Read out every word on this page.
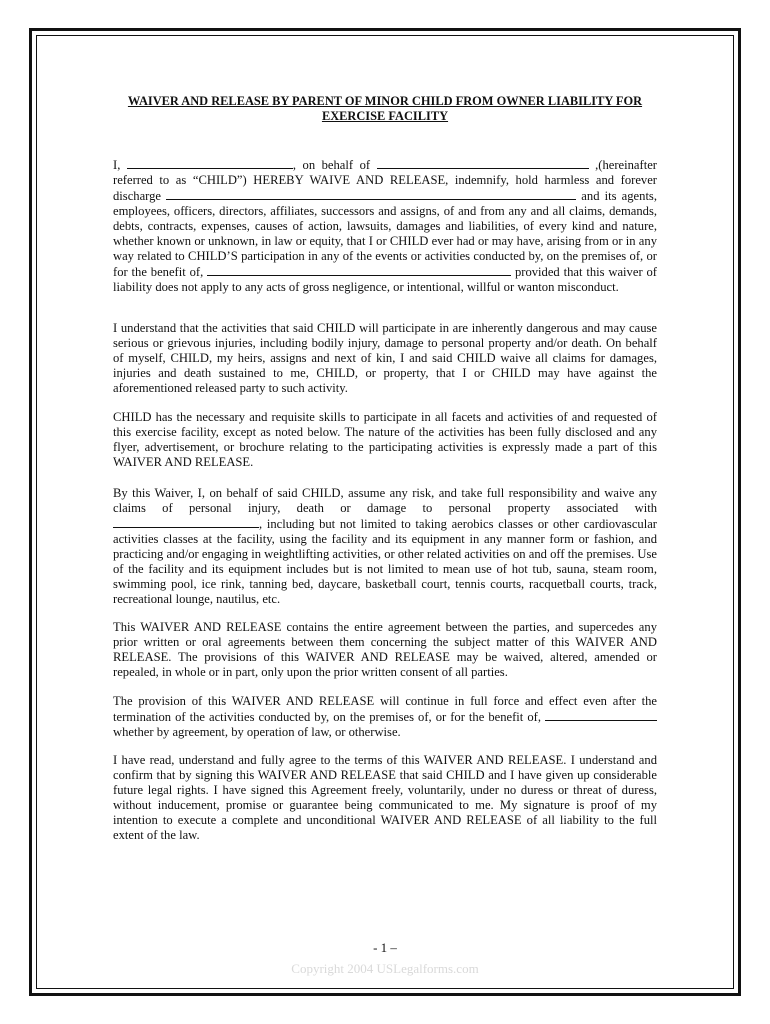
WAIVER AND RELEASE BY PARENT OF MINOR CHILD FROM OWNER LIABILITY FOR EXERCISE FACILITY

I,	, on behalf of	,(hereinafter referred to as “CHILD”) HEREBY WAIVE AND RELEASE, indemnify, hold harmless and forever discharge	and its agents, employees, officers, directors, affiliates, successors and assigns, of and from any and all claims, demands, debts, contracts, expenses, causes of action, lawsuits, damages and liabilities, of every kind and nature, whether known or unknown, in law or equity, that I or CHILD ever had or may have, arising from or in any way related to CHILD’S participation in any of the events or activities conducted by, on the premises of, or for the benefit of,	provided that this waiver of liability does not apply to any acts of gross negligence, or intentional, willful or wanton misconduct.

I understand that the activities that said CHILD will participate in are inherently dangerous and may cause serious or grievous injuries, including bodily injury, damage to personal property and/or death. On behalf of myself, CHILD, my heirs, assigns and next of kin, I and said CHILD waive all claims for damages, injuries and death sustained to me, CHILD, or property, that I or CHILD may have against the aforementioned released party to such activity.

CHILD has the necessary and requisite skills to participate in all facets and activities of and requested of this exercise facility, except as noted below. The nature of the activities has been fully disclosed and any flyer, advertisement, or brochure relating to the participating activities is expressly made a part of this WAIVER AND RELEASE.

By this Waiver, I, on behalf of said CHILD, assume any risk, and take full responsibility and waive any claims of personal injury, death or damage to personal property associated with , including but not limited to taking aerobics classes or other cardiovascular activities classes at the facility, using the facility and its equipment in any manner form or fashion, and practicing and/or engaging in weightlifting activities, or other related activities on and off the premises. Use of the facility and its equipment includes but is not limited to mean use of hot tub, sauna, steam room, swimming pool, ice rink, tanning bed, daycare, basketball court, tennis courts, racquetball courts, track, recreational lounge, nautilus, etc.

This WAIVER AND RELEASE contains the entire agreement between the parties, and supercedes any prior written or oral agreements between them concerning the subject matter of this WAIVER AND RELEASE. The provisions of this WAIVER AND RELEASE may be waived, altered, amended or repealed, in whole or in part, only upon the prior written consent of all parties.

The provision of this WAIVER AND RELEASE will continue in full force and effect even after the termination of the activities conducted by, on the premises of, or for the benefit of,  whether by agreement, by operation of law, or otherwise.

I have read, understand and fully agree to the terms of this WAIVER AND RELEASE. I understand and confirm that by signing this WAIVER AND RELEASE that said CHILD and I have given up considerable future legal rights. I have signed this Agreement freely, voluntarily, under no duress or threat of duress, without inducement, promise or guarantee being communicated to me. My signature is proof of my intention to execute a complete and unconditional WAIVER AND RELEASE of all liability to the full extent of the law.

- 1 –

Copyright 2004 USLegalforms.com
